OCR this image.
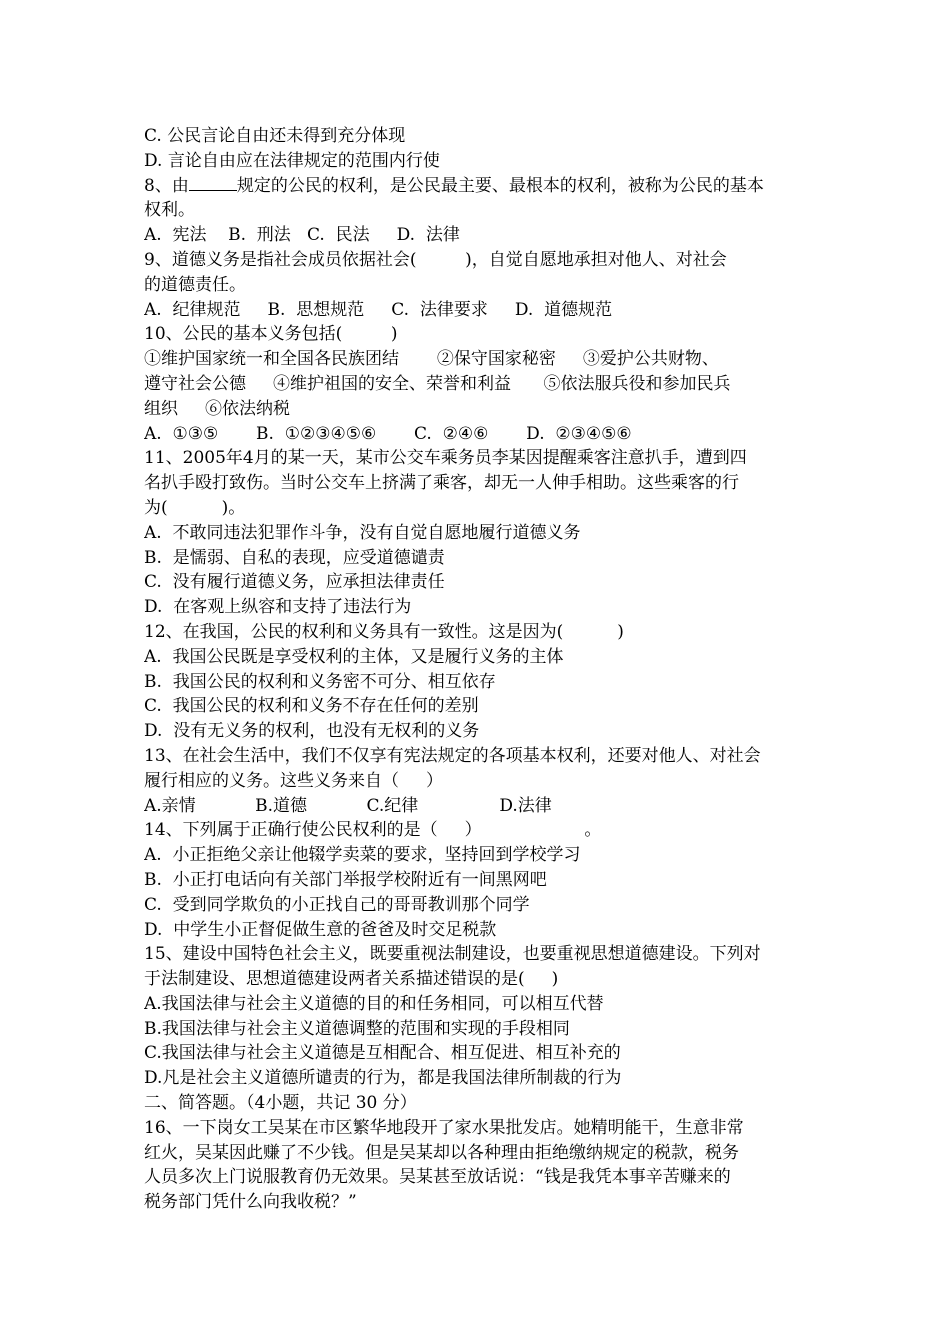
C. 公民言论自由还未得到充分体现
D. 言论自由应在法律规定的范围内行使
8、由	规定的公民的权利，是公民最主要、最根本的权利，被称为公民的基本
权利。
A.  宪法    B.  刑法   C.  民法     D.  法律
9、道德义务是指社会成员依据社会(         )，自觉自愿地承担对他人、对社会
的道德责任。
A.  纪律规范     B.  思想规范     C.  法律要求     D.  道德规范
10、公民的基本义务包括(         )
①维护国家统一和全国各民族团结       ②保守国家秘密     ③爱护公共财物、
遵守社会公德     ④维护祖国的安全、荣誉和利益      ⑤依法服兵役和参加民兵
组织     ⑥依法纳税
A.  ①③⑤       B.  ①②③④⑤⑥       C.  ②④⑥       D.  ②③④⑤⑥
11、2005年4月的某一天，某市公交车乘务员李某因提醒乘客注意扒手，遭到四
名扒手殴打致伤。当时公交车上挤满了乘客，却无一人伸手相助。这些乘客的行
为(          )。
A.  不敢同违法犯罪作斗争，没有自觉自愿地履行道德义务
B.  是懦弱、自私的表现，应受道德谴责
C.  没有履行道德义务，应承担法律责任
D.  在客观上纵容和支持了违法行为
12、在我国，公民的权利和义务具有一致性。这是因为(          )
A.  我国公民既是享受权利的主体，又是履行义务的主体
B.  我国公民的权利和义务密不可分、相互依存
C.  我国公民的权利和义务不存在任何的差别
D.  没有无义务的权利，也没有无权利的义务
13、在社会生活中，我们不仅享有宪法规定的各项基本权利，还要对他人、对社会
履行相应的义务。这些义务来自（     ）
A.亲情           B.道德           C.纪律               D.法律
14、下列属于正确行使公民权利的是（     ）                   。
A.  小正拒绝父亲让他辍学卖菜的要求，坚持回到学校学习
B.  小正打电话向有关部门举报学校附近有一间黑网吧
C.  受到同学欺负的小正找自己的哥哥教训那个同学
D.  中学生小正督促做生意的爸爸及时交足税款
15、建设中国特色社会主义，既要重视法制建设，也要重视思想道德建设。下列对
于法制建设、思想道德建设两者关系描述错误的是(     )
A.我国法律与社会主义道德的目的和任务相同，可以相互代替
B.我国法律与社会主义道德调整的范围和实现的手段相同
C.我国法律与社会主义道德是互相配合、相互促进、相互补充的
D.凡是社会主义道德所谴责的行为，都是我国法律所制裁的行为
二、简答题。（4小题，共记 30 分）
16、一下岗女工吴某在市区繁华地段开了家水果批发店。她精明能干，生意非常
红火，吴某因此赚了不少钱。但是吴某却以各种理由拒绝缴纳规定的税款，税务
人员多次上门说服教育仍无效果。吴某甚至放话说：“钱是我凭本事辛苦赚来的
税务部门凭什么向我收税？”
